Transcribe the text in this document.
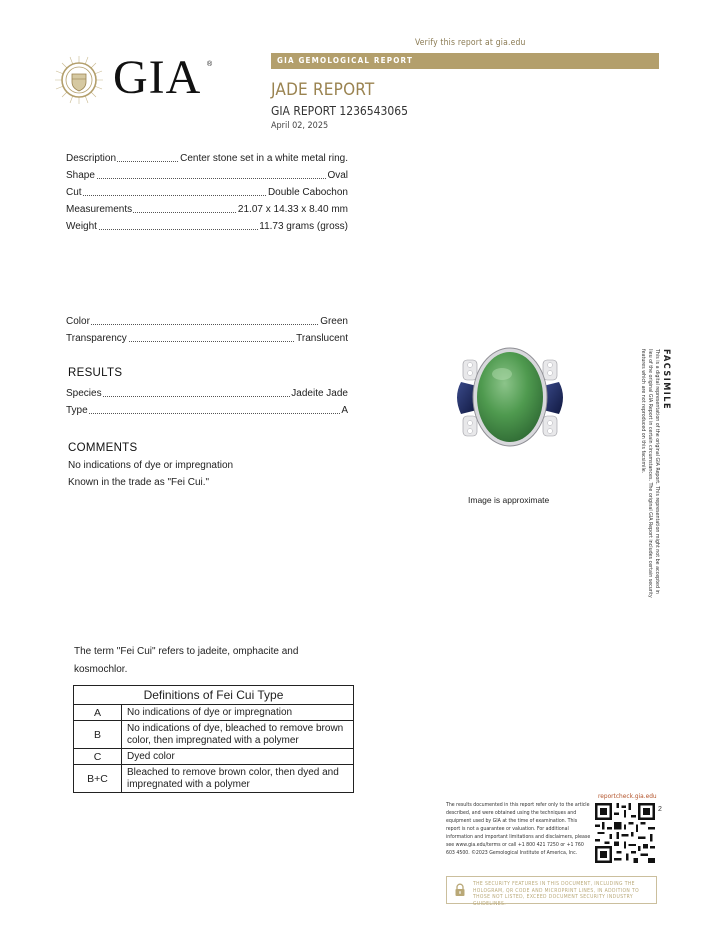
Verify this report at gia.edu
GIA GEMOLOGICAL REPORT
GIA ®
JADE REPORT
GIA REPORT 1236543065
April 02, 2025
Description	Center stone set in a white metal ring.
Shape	Oval
Cut	Double Cabochon
Measurements	21.07 x 14.33 x 8.40 mm
Weight	11.73 grams (gross)
Color	Green
Transparency	Translucent
RESULTS
Species	Jadeite Jade
Type	A
COMMENTS
No indications of dye or impregnation
Known in the trade as "Fei Cui."
Image is approximate
FACSIMILE
This is a digital representation of the original GIA Report. This representation might not be accepted in lieu of the original GIA Report in certain circumstances. The original GIA Report includes certain security features which are not reproduced on this facsimile.
The term "Fei Cui" refers to jadeite, omphacite and kosmochlor.
Definitions of Fei Cui Type	
A	No indications of dye or impregnation
B	No indications of dye, bleached to remove brown color, then impregnated with a polymer
C	Dyed color
B+C	Bleached to remove brown color, then dyed and impregnated with a polymer
The results documented in this report refer only to the article described, and were obtained using the techniques and equipment used by GIA at the time of examination. This report is not a guarantee or valuation. For additional information and important limitations and disclaimers, please see www.gia.edu/terms or call +1 800 421 7250 or +1 760 603 4500. ©2023 Gemological Institute of America, Inc.
reportcheck.gia.edu
2
THE SECURITY FEATURES IN THIS DOCUMENT, INCLUDING THE HOLOGRAM, QR CODE AND MICROPRINT LINES, IN ADDITION TO THOSE NOT LISTED, EXCEED DOCUMENT SECURITY INDUSTRY GUIDELINES.
